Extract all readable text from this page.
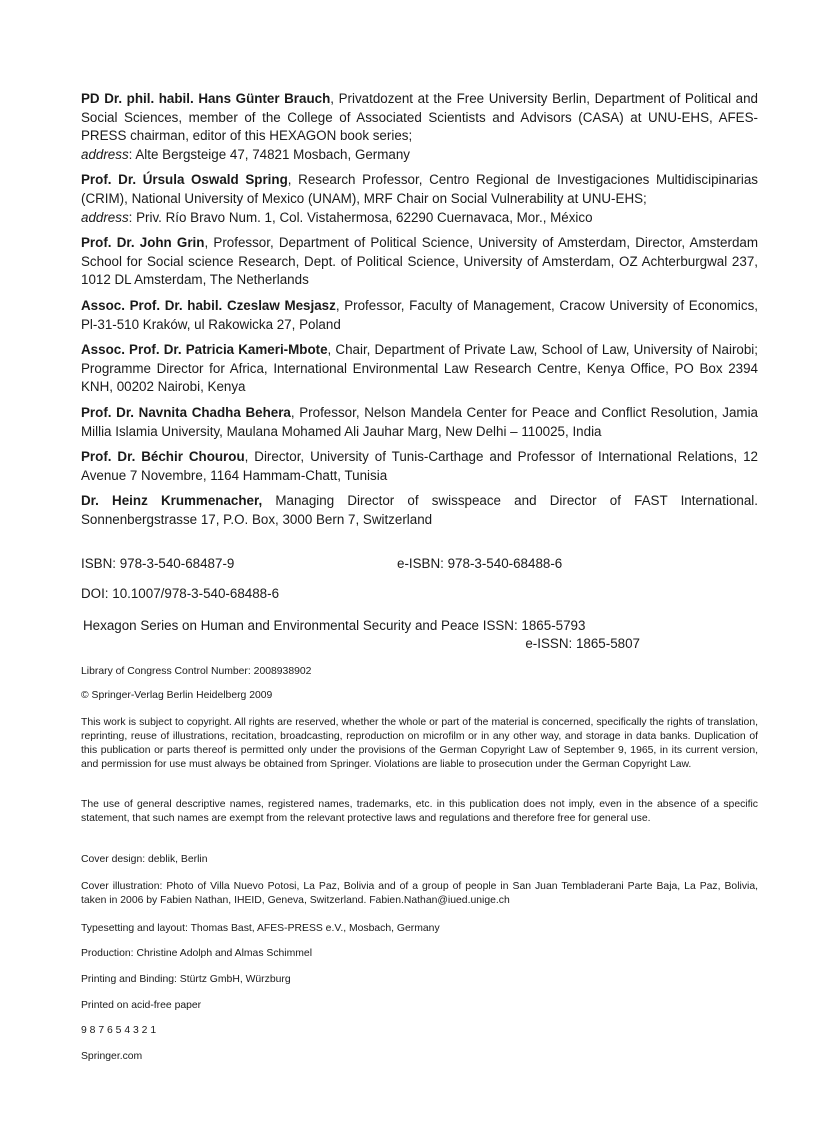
PD Dr. phil. habil. Hans Günter Brauch, Privatdozent at the Free University Berlin, Department of Political and Social Sciences, member of the College of Associated Scientists and Advisors (CASA) at UNU-EHS, AFES-PRESS chairman, editor of this HEXAGON book series;
address: Alte Bergsteige 47, 74821 Mosbach, Germany

Prof. Dr. Úrsula Oswald Spring, Research Professor, Centro Regional de Investigaciones Multidiscipinarias (CRIM), National University of Mexico (UNAM), MRF Chair on Social Vulnerability at UNU-EHS;
address: Priv. Río Bravo Num. 1, Col. Vistahermosa, 62290 Cuernavaca, Mor., México

Prof. Dr. John Grin, Professor, Department of Political Science, University of Amsterdam, Director, Amsterdam School for Social science Research, Dept. of Political Science, University of Amsterdam, OZ Achterburgwal 237, 1012 DL Amsterdam, The Netherlands

Assoc. Prof. Dr. habil. Czeslaw Mesjasz, Professor, Faculty of Management, Cracow University of Economics, Pl-31-510 Kraków, ul Rakowicka 27, Poland

Assoc. Prof. Dr. Patricia Kameri-Mbote, Chair, Department of Private Law, School of Law, University of Nairobi; Programme Director for Africa, International Environmental Law Research Centre, Kenya Office, PO Box 2394 KNH, 00202 Nairobi, Kenya

Prof. Dr. Navnita Chadha Behera, Professor, Nelson Mandela Center for Peace and Conflict Resolution, Jamia Millia Islamia University, Maulana Mohamed Ali Jauhar Marg, New Delhi – 110025, India

Prof. Dr. Béchir Chourou, Director, University of Tunis-Carthage and Professor of International Relations, 12 Avenue 7 Novembre, 1164 Hammam-Chatt, Tunisia

Dr. Heinz Krummenacher, Managing Director of swisspeace and Director of FAST International. Sonnenbergstrasse 17, P.O. Box, 3000 Bern 7, Switzerland

ISBN: 978-3-540-68487-9	e-ISBN: 978-3-540-68488-6
DOI: 10.1007/978-3-540-68488-6
Hexagon Series on Human and Environmental Security and Peace ISSN: 1865-5793
e-ISSN: 1865-5807
Library of Congress Control Number: 2008938902
© Springer-Verlag Berlin Heidelberg 2009
This work is subject to copyright. All rights are reserved, whether the whole or part of the material is concerned, specifically the rights of translation, reprinting, reuse of illustrations, recitation, broadcasting, reproduction on microfilm or in any other way, and storage in data banks. Duplication of this publication or parts thereof is permitted only under the provisions of the German Copyright Law of September 9, 1965, in its current version, and permission for use must always be obtained from Springer. Violations are liable to prosecution under the German Copyright Law.
The use of general descriptive names, registered names, trademarks, etc. in this publication does not imply, even in the absence of a specific statement, that such names are exempt from the relevant protective laws and regulations and therefore free for general use.
Cover design: deblik, Berlin
Cover illustration: Photo of Villa Nuevo Potosi, La Paz, Bolivia and of a group of people in San Juan Tembladerani Parte Baja, La Paz, Bolivia, taken in 2006 by Fabien Nathan, IHEID, Geneva, Switzerland. Fabien.Nathan@iued.unige.ch
Typesetting and layout: Thomas Bast, AFES-PRESS e.V., Mosbach, Germany
Production: Christine Adolph and Almas Schimmel
Printing and Binding: Stürtz GmbH, Würzburg
Printed on acid-free paper
9 8 7 6 5 4 3 2 1
Springer.com
